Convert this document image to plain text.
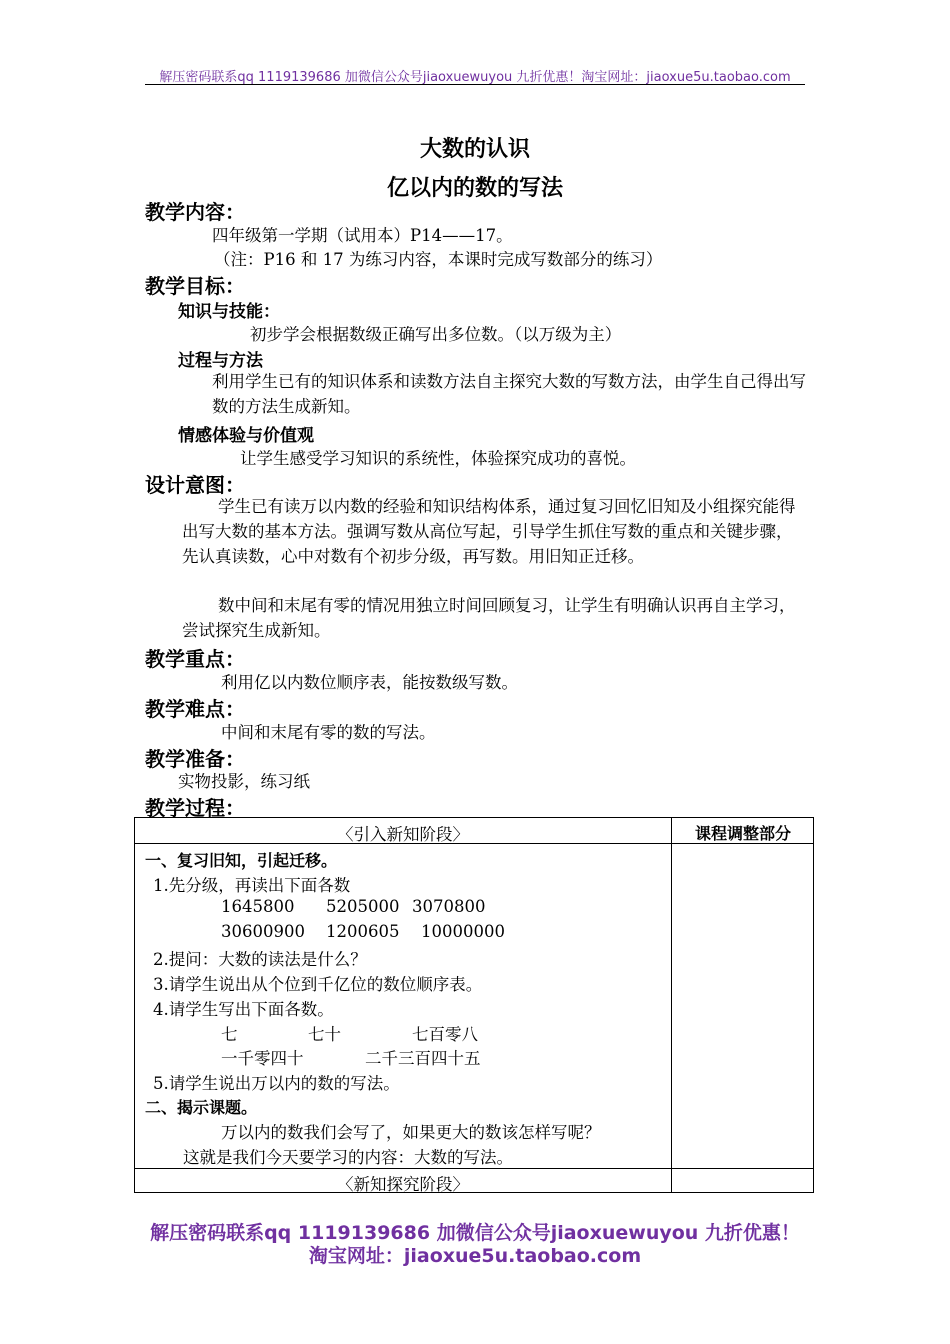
解压密码联系qq 1119139686 加微信公众号jiaoxuewuyou 九折优惠！淘宝网址：jiaoxue5u.taobao.com
大数的认识
亿以内的数的写法
教学内容：
四年级第一学期（试用本）P14——17。
（注：P16 和 17 为练习内容，本课时完成写数部分的练习）
教学目标：
知识与技能：
初步学会根据数级正确写出多位数。（以万级为主）
过程与方法
利用学生已有的知识体系和读数方法自主探究大数的写数方法，由学生自己得出写数的方法生成新知。
情感体验与价值观
让学生感受学习知识的系统性，体验探究成功的喜悦。
设计意图：
学生已有读万以内数的经验和知识结构体系，通过复习回忆旧知及小组探究能得出写大数的基本方法。强调写数从高位写起，引导学生抓住写数的重点和关键步骤，先认真读数，心中对数有个初步分级，再写数。用旧知正迁移。
数中间和末尾有零的情况用独立时间回顾复习，让学生有明确认识再自主学习，尝试探究生成新知。
教学重点：
利用亿以内数位顺序表，能按数级写数。
教学难点：
中间和末尾有零的数的写法。
教学准备：
实物投影，练习纸
教学过程：
〈引入新知阶段〉	课程调整部分
一、复习旧知，引起迁移。
1.先分级，再读出下面各数
1645800 5205000 3070800
30600900 1200605 10000000
2.提问：大数的读法是什么？
3.请学生说出从个位到千亿位的数位顺序表。
4.请学生写出下面各数。
七	七十	七百零八
一千零四十	二千三百四十五
5.请学生说出万以内的数的写法。
二、揭示课题。
万以内的数我们会写了，如果更大的数该怎样写呢？
这就是我们今天要学习的内容：大数的写法。
〈新知探究阶段〉
解压密码联系qq 1119139686 加微信公众号jiaoxuewuyou 九折优惠！
淘宝网址：jiaoxue5u.taobao.com
